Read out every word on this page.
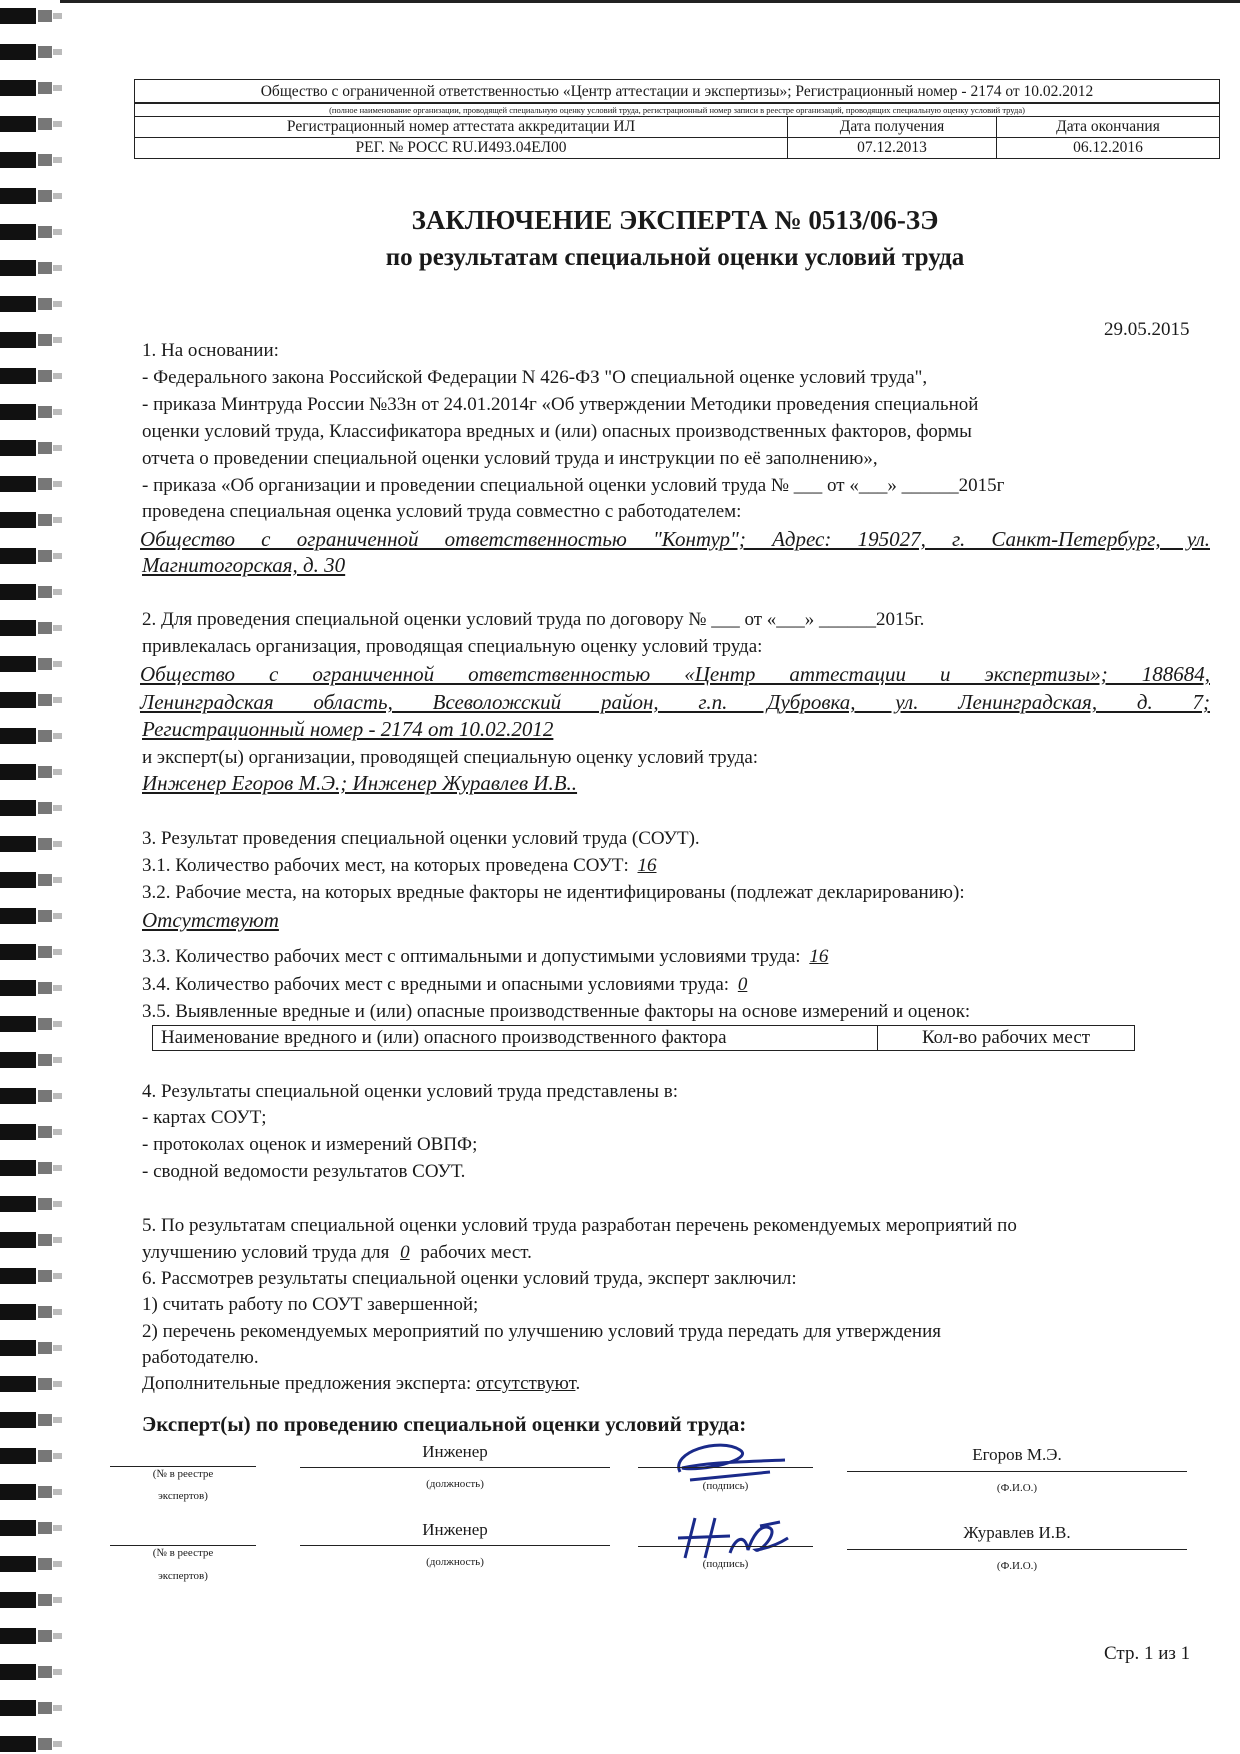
Общество с ограниченной ответственностью «Центр аттестации и экспертизы»; Регистрационный номер - 2174 от 10.02.2012		
(полное наименование организации, проводящей специальную оценку условий труда, регистрационный номер записи в реестре организаций, проводящих специальную оценку условий труда)		
Регистрационный номер аттестата аккредитации ИЛ	Дата получения	Дата окончания
РЕГ. № РОСС RU.И493.04ЕЛ00	07.12.2013	06.12.2016
ЗАКЛЮЧЕНИЕ ЭКСПЕРТА № 0513/06-ЗЭ
по результатам специальной оценки условий труда
29.05.2015
1. На основании:
- Федерального закона Российской Федерации N 426-ФЗ "О специальной оценке условий труда",
- приказа Минтруда России №33н от 24.01.2014г «Об утверждении Методики проведения специальной
оценки условий труда, Классификатора вредных и (или) опасных производственных факторов, формы
отчета о проведении специальной оценки условий труда и инструкции по её заполнению»,
- приказа «Об организации и проведении специальной оценки условий труда № ___ от «___» ______2015г
проведена специальная оценка условий труда совместно с работодателем:
Общество с ограниченной ответственностью "Контур"; Адрес: 195027, г. Санкт-Петербург, ул.
Магнитогорская, д. 30
2. Для проведения специальной оценки условий труда по договору № ___ от «___» ______2015г.
привлекалась организация, проводящая специальную оценку условий труда:
Общество с ограниченной ответственностью «Центр аттестации и экспертизы»; 188684,
Ленинградская область, Всеволожский район, г.п. Дубровка, ул. Ленинградская, д. 7;
Регистрационный номер - 2174 от 10.02.2012
и эксперт(ы) организации, проводящей специальную оценку условий труда:
Инженер Егоров М.Э.; Инженер Журавлев И.В..
3. Результат проведения специальной оценки условий труда (СОУТ).
3.1. Количество рабочих мест, на которых проведена СОУТ: 16
3.2. Рабочие места, на которых вредные факторы не идентифицированы (подлежат декларированию):
Отсутствуют
3.3. Количество рабочих мест с оптимальными и допустимыми условиями труда: 16
3.4. Количество рабочих мест с вредными и опасными условиями труда: 0
3.5. Выявленные вредные и (или) опасные производственные факторы на основе измерений и оценок:
Наименование вредного и (или) опасного производственного фактора	Кол-во рабочих мест
4. Результаты специальной оценки условий труда представлены в:
- картах СОУТ;
- протоколах оценок и измерений ОВПФ;
- сводной ведомости результатов СОУТ.
5. По результатам специальной оценки условий труда разработан перечень рекомендуемых мероприятий по
улучшению условий труда для 0 рабочих мест.
6. Рассмотрев результаты специальной оценки условий труда, эксперт заключил:
1) считать работу по СОУТ завершенной;
2) перечень рекомендуемых мероприятий по улучшению условий труда передать для утверждения
работодателю.
Дополнительные предложения эксперта: отсутствуют.
Эксперт(ы) по проведению специальной оценки условий труда:
(№ в реестре
экспертов)
Инженер
(должность)	(подпись)
Егоров М.Э.
(Ф.И.О.)
(№ в реестре
экспертов)
Инженер
(должность)	(подпись)
Журавлев И.В.
(Ф.И.О.)
Стр. 1 из 1
